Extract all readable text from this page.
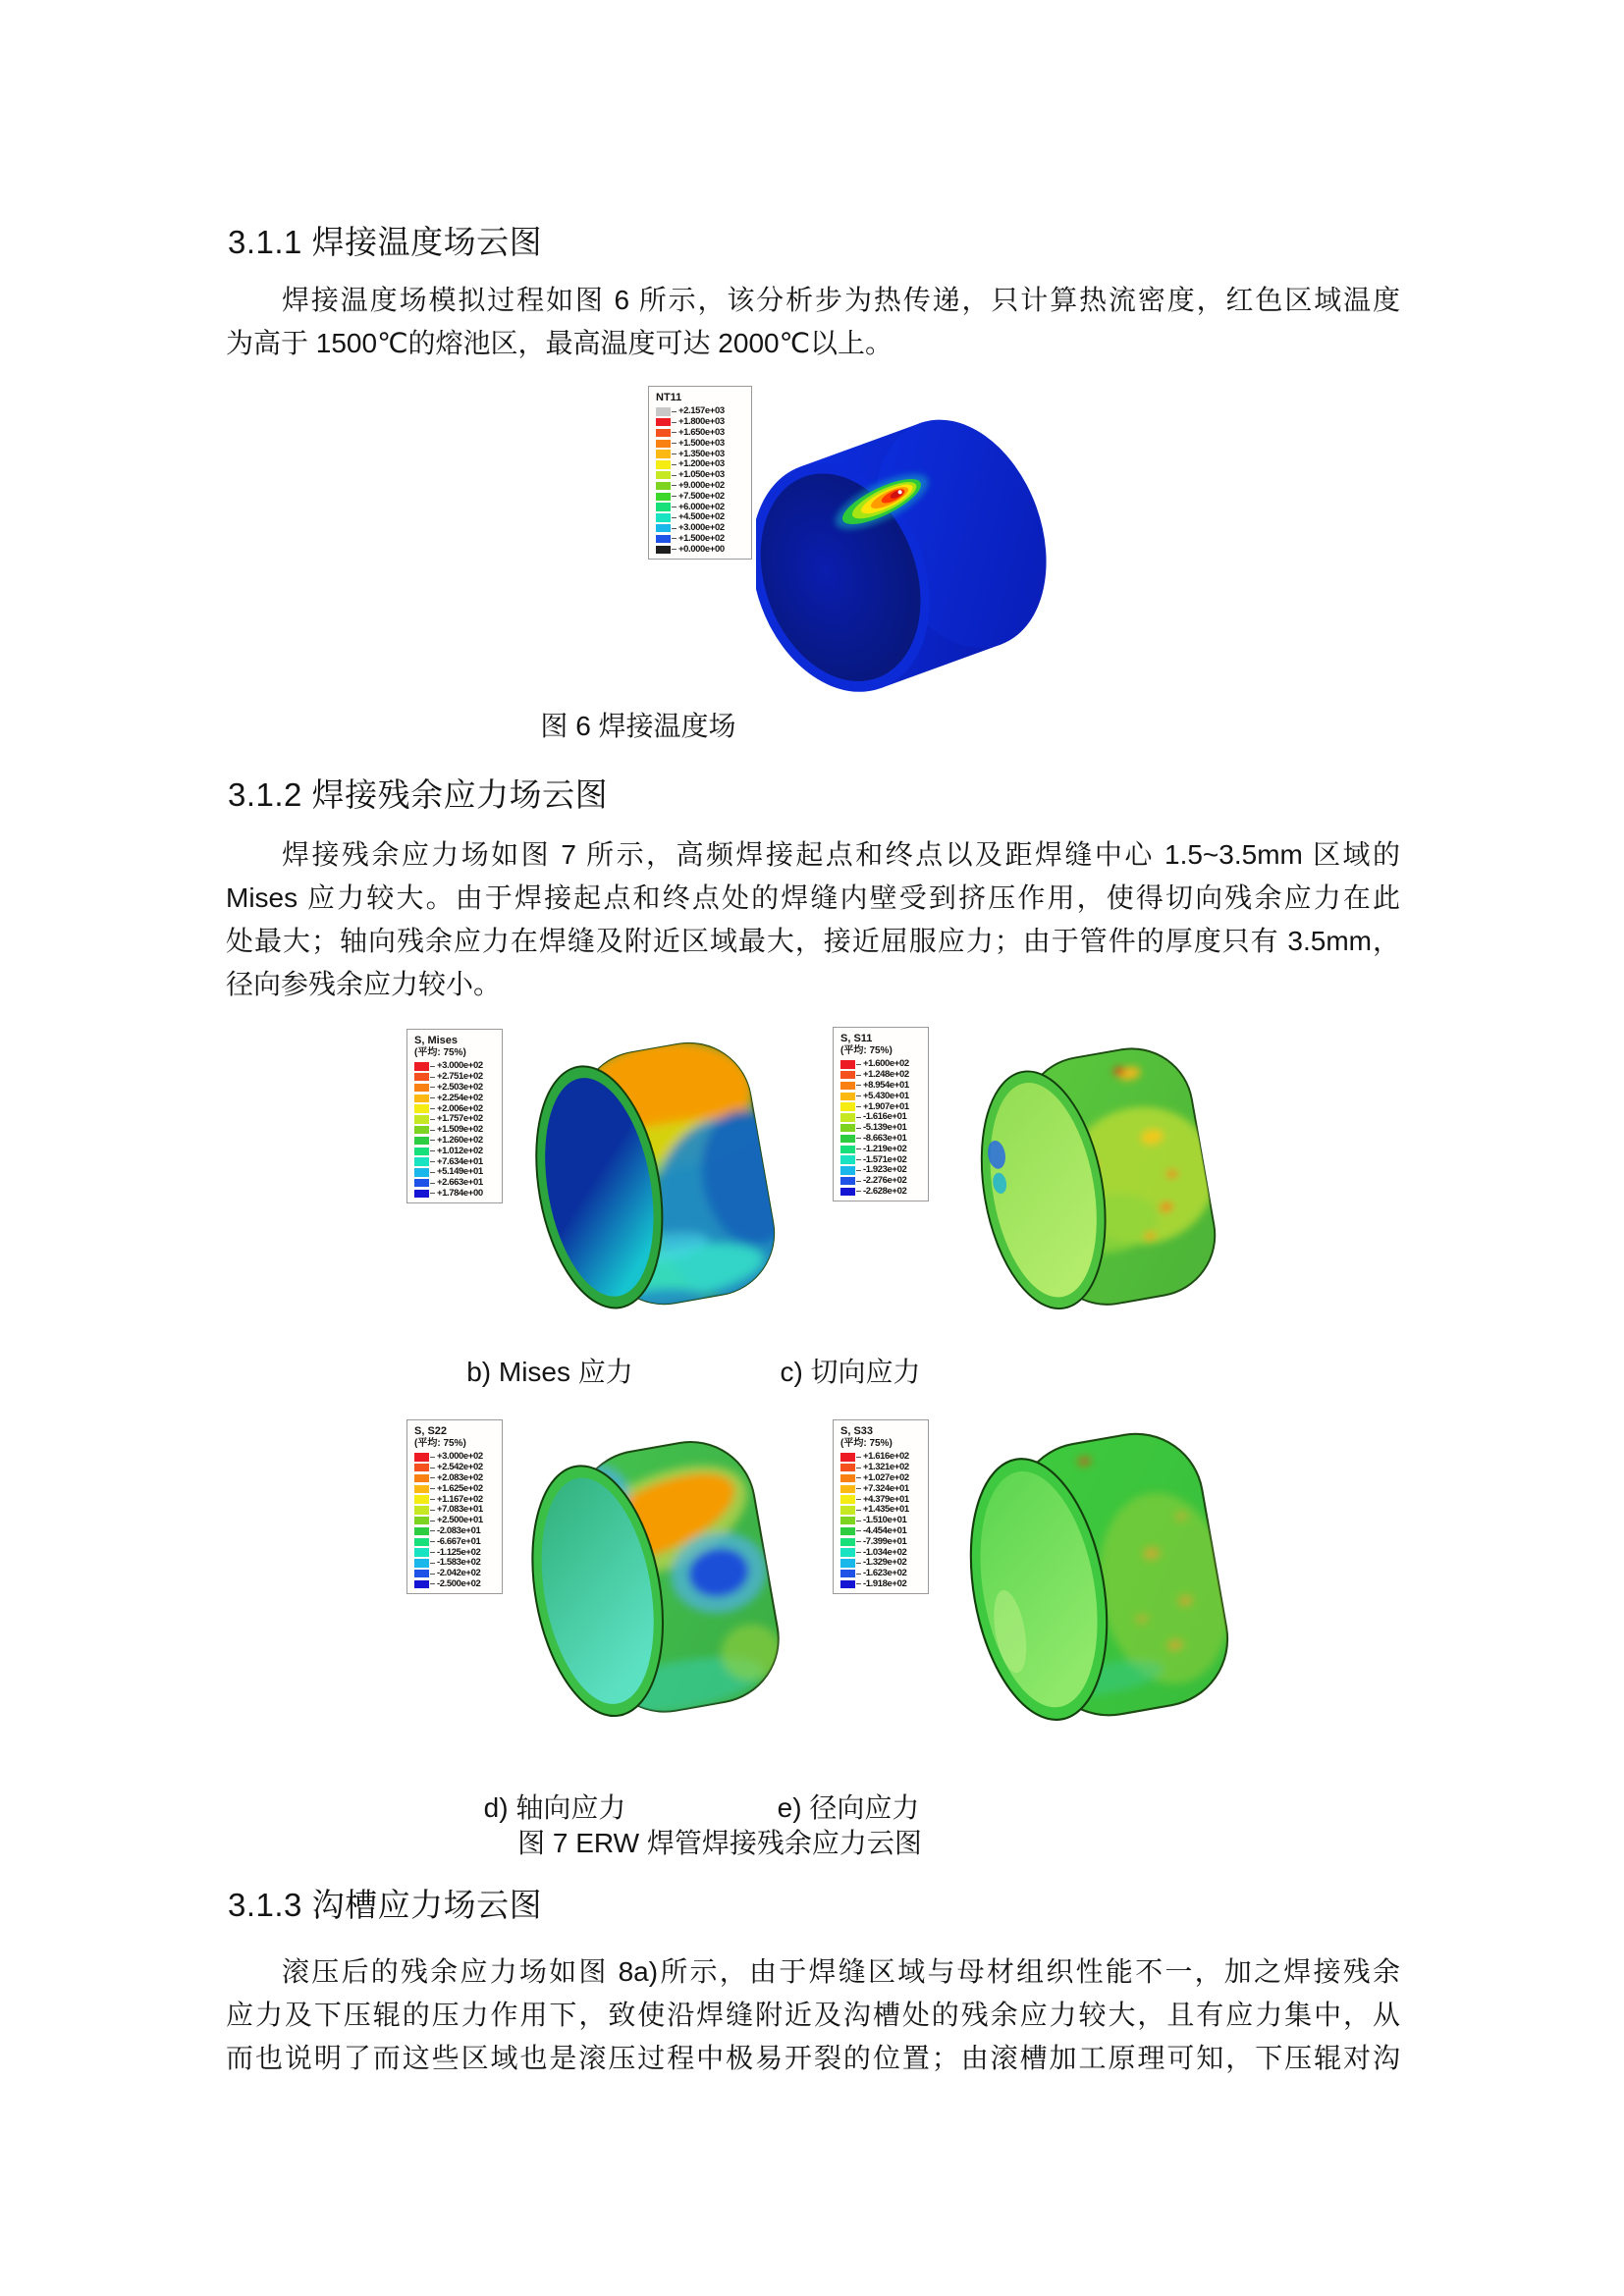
3.1.1 焊接温度场云图
焊接温度场模拟过程如图 6 所示，该分析步为热传递，只计算热流密度，红色区域温度
为高于 1500℃的熔池区，最高温度可达 2000℃以上。
NT11
+2.157e+03
+1.800e+03
+1.650e+03
+1.500e+03
+1.350e+03
+1.200e+03
+1.050e+03
+9.000e+02
+7.500e+02
+6.000e+02
+4.500e+02
+3.000e+02
+1.500e+02
+0.000e+00
图 6 焊接温度场
3.1.2 焊接残余应力场云图
焊接残余应力场如图 7 所示，高频焊接起点和终点以及距焊缝中心 1.5~3.5mm 区域的
Mises 应力较大。由于焊接起点和终点处的焊缝内壁受到挤压作用，使得切向残余应力在此
处最大；轴向残余应力在焊缝及附近区域最大，接近屈服应力；由于管件的厚度只有 3.5mm，
径向参残余应力较小。
S, Mises
(平均: 75%)
+3.000e+02
+2.751e+02
+2.503e+02
+2.254e+02
+2.006e+02
+1.757e+02
+1.509e+02
+1.260e+02
+1.012e+02
+7.634e+01
+5.149e+01
+2.663e+01
+1.784e+00
S, S11
(平均: 75%)
+1.600e+02
+1.248e+02
+8.954e+01
+5.430e+01
+1.907e+01
-1.616e+01
-5.139e+01
-8.663e+01
-1.219e+02
-1.571e+02
-1.923e+02
-2.276e+02
-2.628e+02
b) Mises 应力	c) 切向应力
S, S22
(平均: 75%)
+3.000e+02
+2.542e+02
+2.083e+02
+1.625e+02
+1.167e+02
+7.083e+01
+2.500e+01
-2.083e+01
-6.667e+01
-1.125e+02
-1.583e+02
-2.042e+02
-2.500e+02
S, S33
(平均: 75%)
+1.616e+02
+1.321e+02
+1.027e+02
+7.324e+01
+4.379e+01
+1.435e+01
-1.510e+01
-4.454e+01
-7.399e+01
-1.034e+02
-1.329e+02
-1.623e+02
-1.918e+02
d) 轴向应力	e) 径向应力
图 7 ERW 焊管焊接残余应力云图
3.1.3 沟槽应力场云图
滚压后的残余应力场如图 8a)所示，由于焊缝区域与母材组织性能不一，加之焊接残余
应力及下压辊的压力作用下，致使沿焊缝附近及沟槽处的残余应力较大，且有应力集中，从
而也说明了而这些区域也是滚压过程中极易开裂的位置；由滚槽加工原理可知，下压辊对沟
